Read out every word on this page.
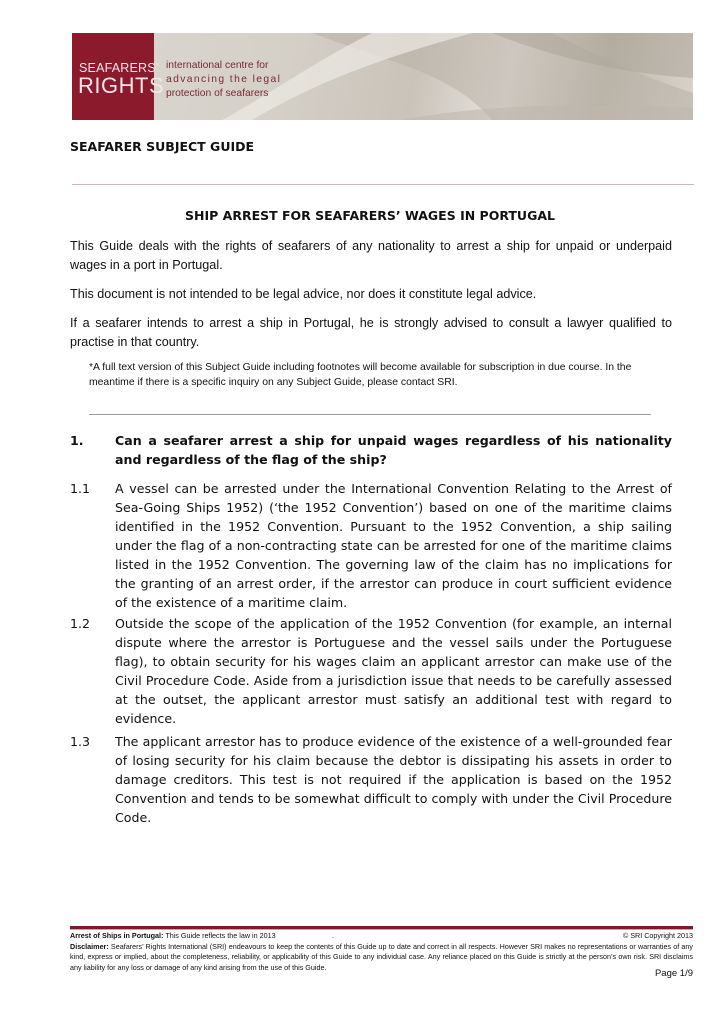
SEAFARERS'
RIGHTS
international centre for
advancing the legal
protection of seafarers
SEAFARER SUBJECT GUIDE
SHIP ARREST FOR SEAFARERS’ WAGES IN PORTUGAL
This Guide deals with the rights of seafarers of any nationality to arrest a ship for unpaid or underpaid wages in a port in Portugal.
This document is not intended to be legal advice, nor does it constitute legal advice.
If a seafarer intends to arrest a ship in Portugal, he is strongly advised to consult a lawyer qualified to practise in that country.
*A full text version of this Subject Guide including footnotes will become available for subscription in due course. In the meantime if there is a specific inquiry on any Subject Guide, please contact SRI.
1. Can a seafarer arrest a ship for unpaid wages regardless of his nationality and regardless of the flag of the ship?
1.1 A vessel can be arrested under the International Convention Relating to the Arrest of Sea-Going Ships 1952) (‘the 1952 Convention’) based on one of the maritime claims identified in the 1952 Convention. Pursuant to the 1952 Convention, a ship sailing under the flag of a non-contracting state can be arrested for one of the maritime claims listed in the 1952 Convention. The governing law of the claim has no implications for the granting of an arrest order, if the arrestor can produce in court sufficient evidence of the existence of a maritime claim.
1.2 Outside the scope of the application of the 1952 Convention (for example, an internal dispute where the arrestor is Portuguese and the vessel sails under the Portuguese flag), to obtain security for his wages claim an applicant arrestor can make use of the Civil Procedure Code. Aside from a jurisdiction issue that needs to be carefully assessed at the outset, the applicant arrestor must satisfy an additional test with regard to evidence.
1.3 The applicant arrestor has to produce evidence of the existence of a well-grounded fear of losing security for his claim because the debtor is dissipating his assets in order to damage creditors. This test is not required if the application is based on the 1952 Convention and tends to be somewhat difficult to comply with under the Civil Procedure Code.
Arrest of Ships in Portugal: This Guide reflects the law in 2013	.	© SRI Copyright 2013
Disclaimer: Seafarers’ Rights International (SRI) endeavours to keep the contents of this Guide up to date and correct in all respects. However SRI makes no representations or warranties of any kind, express or implied, about the completeness, reliability, or applicability of this Guide to any individual case. Any reliance placed on this Guide is strictly at the person’s own risk. SRI disclaims any liability for any loss or damage of any kind arising from the use of this Guide.
Page 1/9
